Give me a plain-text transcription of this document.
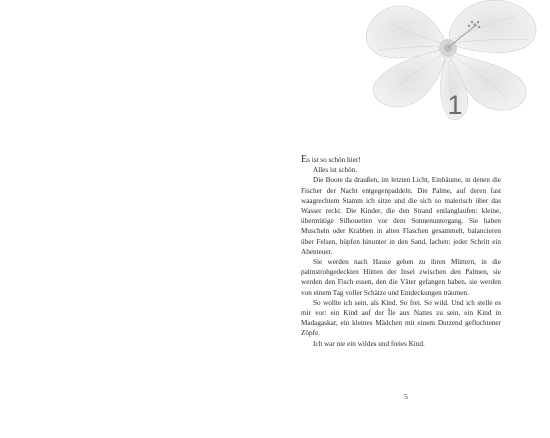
1

Es ist so schön hier!

Alles ist schön.

Die Boote da draußen, im letzten Licht, Einbäume, in denen die Fischer der Nacht entgegenpaddeln. Die Palme, auf deren fast waagrechtem Stamm ich sitze und die sich so malerisch über das Wasser reckt. Die Kinder, die den Strand entlanglaufen: kleine, übermütige Silhouetten vor dem Sonnenuntergang. Sie haben Muscheln oder Krabben in alten Flaschen gesammelt, balancieren über Felsen, hüpfen hinunter in den Sand, lachen: jeder Schritt ein Abenteuer.

Sie werden nach Hause gehen zu ihren Müttern, in die palmstrohgedeckten Hütten der Insel zwischen den Palmen, sie werden den Fisch essen, den die Väter gefangen haben, sie werden von einem Tag voller Schätze und Entdeckungen träumen.

So wollte ich sein, als Kind. So frei. So wild. Und ich stelle es mir vor: ein Kind auf der Île aux Nattes zu sein, ein Kind in Madagaskar, ein kleines Mädchen mit einem Dutzend geflochtener Zöpfe.

Ich war nie ein wildes und freies Kind.

5
